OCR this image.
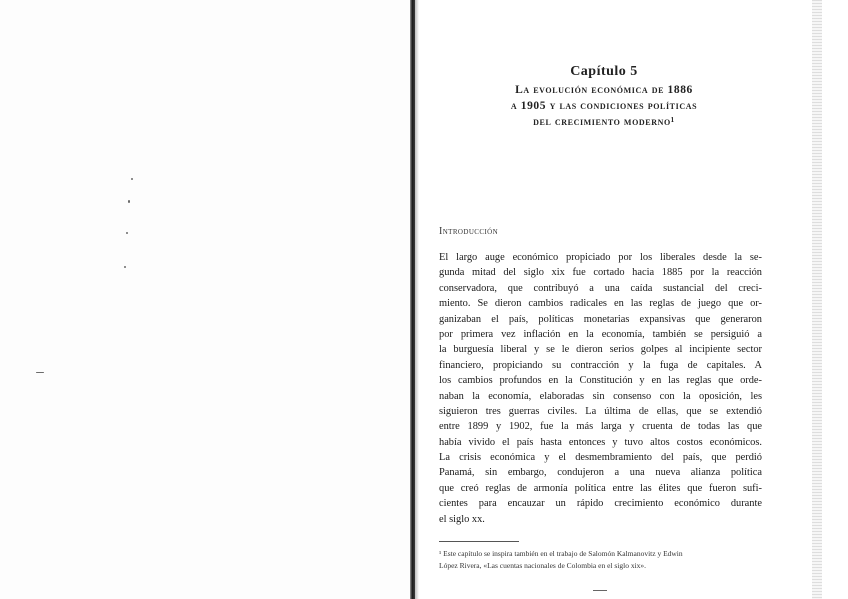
Capítulo 5
La evolución económica de 1886
a 1905 y las condiciones políticas
del crecimiento moderno¹
Introducción
El largo auge económico propiciado por los liberales desde la se-
gunda mitad del siglo xix fue cortado hacia 1885 por la reacción
conservadora, que contribuyó a una caída sustancial del creci-
miento. Se dieron cambios radicales en las reglas de juego que or-
ganizaban el país, políticas monetarias expansivas que generaron
por primera vez inflación en la economía, también se persiguió a
la burguesía liberal y se le dieron serios golpes al incipiente sector
financiero, propiciando su contracción y la fuga de capitales. A
los cambios profundos en la Constitución y en las reglas que orde-
naban la economía, elaboradas sin consenso con la oposición, les
siguieron tres guerras civiles. La última de ellas, que se extendió
entre 1899 y 1902, fue la más larga y cruenta de todas las que
había vivido el país hasta entonces y tuvo altos costos económicos.
La crisis económica y el desmembramiento del país, que perdió
Panamá, sin embargo, condujeron a una nueva alianza política
que creó reglas de armonía política entre las élites que fueron sufi-
cientes para encauzar un rápido crecimiento económico durante
el siglo xx.
¹ Este capítulo se inspira también en el trabajo de Salomón Kalmanovitz y Edwin
López Rivera, «Las cuentas nacionales de Colombia en el siglo xix».
